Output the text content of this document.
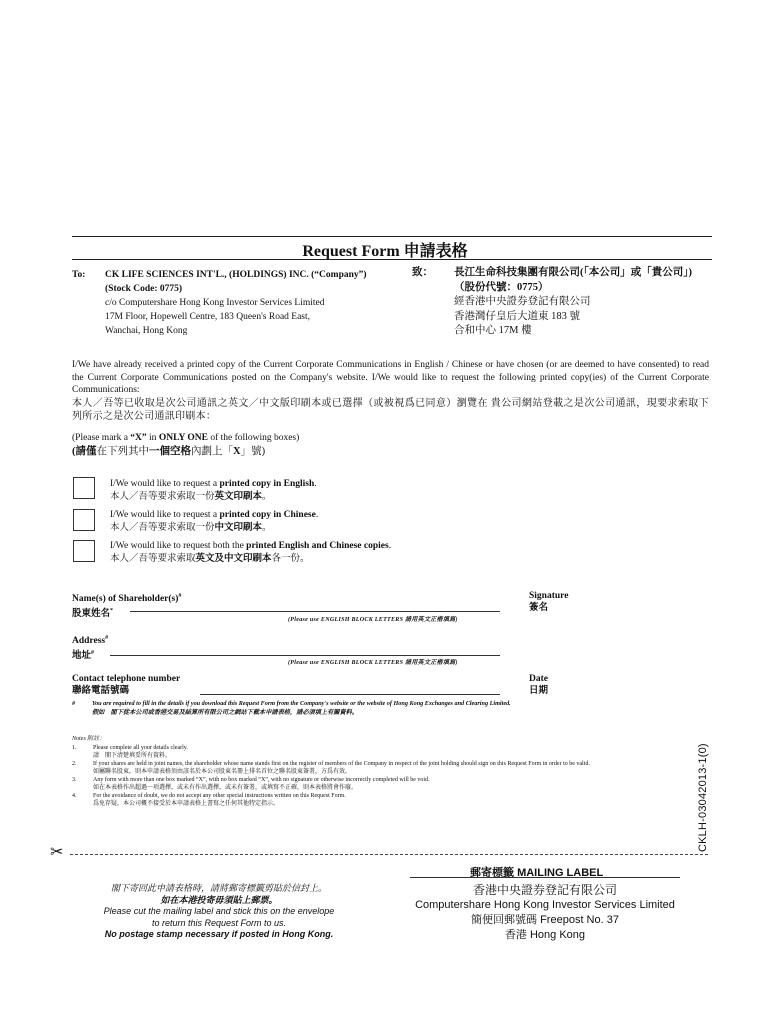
Request Form 申請表格
To: CK LIFE SCIENCES INT'L., (HOLDINGS) INC. (“Company”)
(Stock Code: 0775)
c/o Computershare Hong Kong Investor Services Limited
17M Floor, Hopewell Centre, 183 Queen's Road East,
Wanchai, Hong Kong
致： 長江生命科技集團有限公司(「本公司」或「貴公司」)
（股份代號：0775）
經香港中央證券登記有限公司
香港灣仔皇后大道東 183 號
合和中心 17M 樓
I/We have already received a printed copy of the Current Corporate Communications in English / Chinese or have chosen (or are deemed to have consented) to read the Current Corporate Communications posted on the Company's website. I/We would like to request the following printed copy(ies) of the Current Corporate Communications:
本人／吾等已收取是次公司通訊之英文／中文版印刷本或已選擇（或被視爲已同意）瀏覽在 貴公司網站登載之是次公司通訊，現要求索取下列所示之是次公司通訊印刷本：
(Please mark a “X” in ONLY ONE of the following boxes)
(請僅在下列其中一個空格內劃上「X」號)
I/We would like to request a printed copy in English.
本人／吾等要求索取一份英文印刷本。
I/We would like to request a printed copy in Chinese.
本人／吾等要求索取一份中文印刷本。
I/We would like to request both the printed English and Chinese copies.
本人／吾等要求索取英文及中文印刷本各一份。
Name(s) of Shareholder(s)#
股東姓名*
(Please use ENGLISH BLOCK LETTERS 請用英文正楷填寫)
Signature
簽名
Address#
地址#
(Please use ENGLISH BLOCK LETTERS 請用英文正楷填寫)
Contact telephone number
聯絡電話號碼
Date
日期
#	You are required to fill in the details if you download this Request Form from the Company's website or the website of Hong Kong Exchanges and Clearing Limited.
假如　閣下從本公司或香港交易及結算所有限公司之網站下載本申請表格，請必須填上有關資料。
Notes 附註：
1.	Please complete all your details clearly.
請　閣下清楚填妥所有資料。
2.	If your shares are held in joint names, the shareholder whose name stands first on the register of members of the Company in respect of the joint holding should sign on this Request Form in order to be valid.
如屬聯名股東，則本申請表格須由該名於本公司股東名冊上排名首位之聯名股東簽署，方爲有效。
3.	Any form with more than one box marked “X”, with no box marked “X”, with no signature or otherwise incorrectly completed will be void.
如在本表格作出超過一項選擇，或未有作出選擇，或未有簽署，或填寫不正確，則本表格將會作廢。
4.	For the avoidance of doubt, we do not accept any other special instructions written on this Request Form.
爲免存疑，本公司概不接受於本申請表格上書寫之任何其他特定指示。	CKLH-03042013-1(0)
✂
郵寄標籤 MAILING LABEL
閣下寄回此申請表格時，請將郵寄標籤剪貼於信封上。
如在本港投寄毋須貼上郵票。
Please cut the mailing label and stick this on the envelope
to return this Request Form to us.
No postage stamp necessary if posted in Hong Kong.
香港中央證券登記有限公司
Computershare Hong Kong Investor Services Limited
簡便回郵號碼 Freepost No. 37
香港 Hong Kong
